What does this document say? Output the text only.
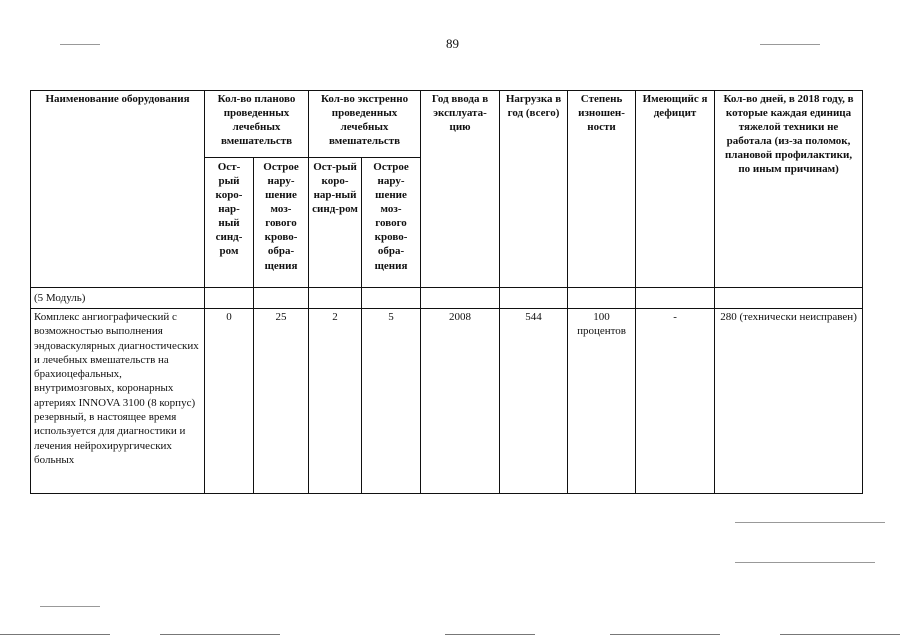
89
Наименование оборудования	Кол-во планово проведенных лечебных вмешательств		Кол-во экстренно проведенных лечебных вмешательств		Год ввода в эксплуата-цию	Нагрузка в год (всего)	Степень изношен-ности	Имеющийс я дефицит	Кол-во дней, в 2018 году, в которые каждая единица тяжелой техники не работала (из-за поломок, плановой профилактики, по иным причинам)
	Ост-рый коро-нар-ный синд-ром	Острое нару-шение моз-гового крово-обра-щения	Ост-рый коро-нар-ный синд-ром	Острое нару-шение моз-гового крово-обра-щения					
(5 Модуль)									
Комплекс ангиографический с возможностью выполнения эндоваскулярных диагностических и лечебных вмешательств на брахиоцефальных, внутримозговых, коронарных артериях INNOVA 3100 (8 корпус) резервный, в настоящее время используется для диагностики и лечения нейрохирургических больных	0	25	2	5	2008	544	100 процентов	-	280 (технически неисправен)
